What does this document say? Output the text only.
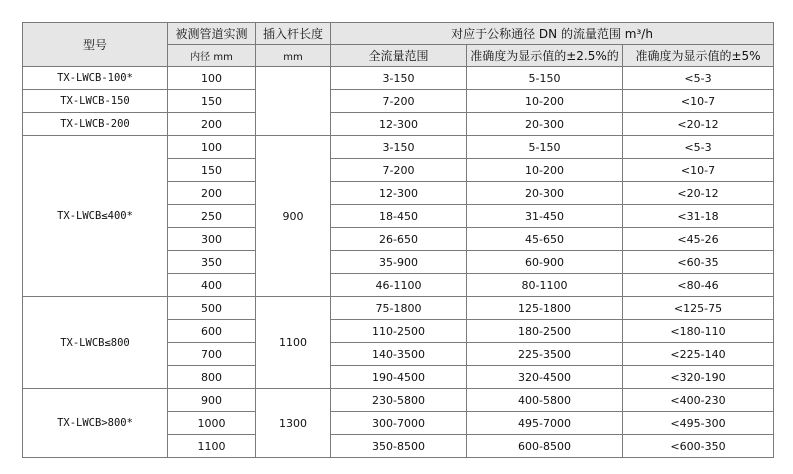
型号	被测管道实测	插入杆长度	对应于公称通径 DN 的流量范围 m³/h		
	内径 mm	mm	全流量范围	准确度为显示值的±2.5%的	准确度为显示值的±5%
TX-LWCB-100*	100		3-150	5-150	<5-3
TX-LWCB-150	150		7-200	10-200	<10-7
TX-LWCB-200	200		12-300	20-300	<20-12
TX-LWCB≤400*	100	900	3-150	5-150	<5-3
	150		7-200	10-200	<10-7
	200		12-300	20-300	<20-12
	250		18-450	31-450	<31-18
	300		26-650	45-650	<45-26
	350		35-900	60-900	<60-35
	400		46-1100	80-1100	<80-46
TX-LWCB≤800	500	1100	75-1800	125-1800	<125-75
	600		110-2500	180-2500	<180-110
	700		140-3500	225-3500	<225-140
	800		190-4500	320-4500	<320-190
TX-LWCB>800*	900	1300	230-5800	400-5800	<400-230
	1000		300-7000	495-7000	<495-300
	1100		350-8500	600-8500	<600-350
